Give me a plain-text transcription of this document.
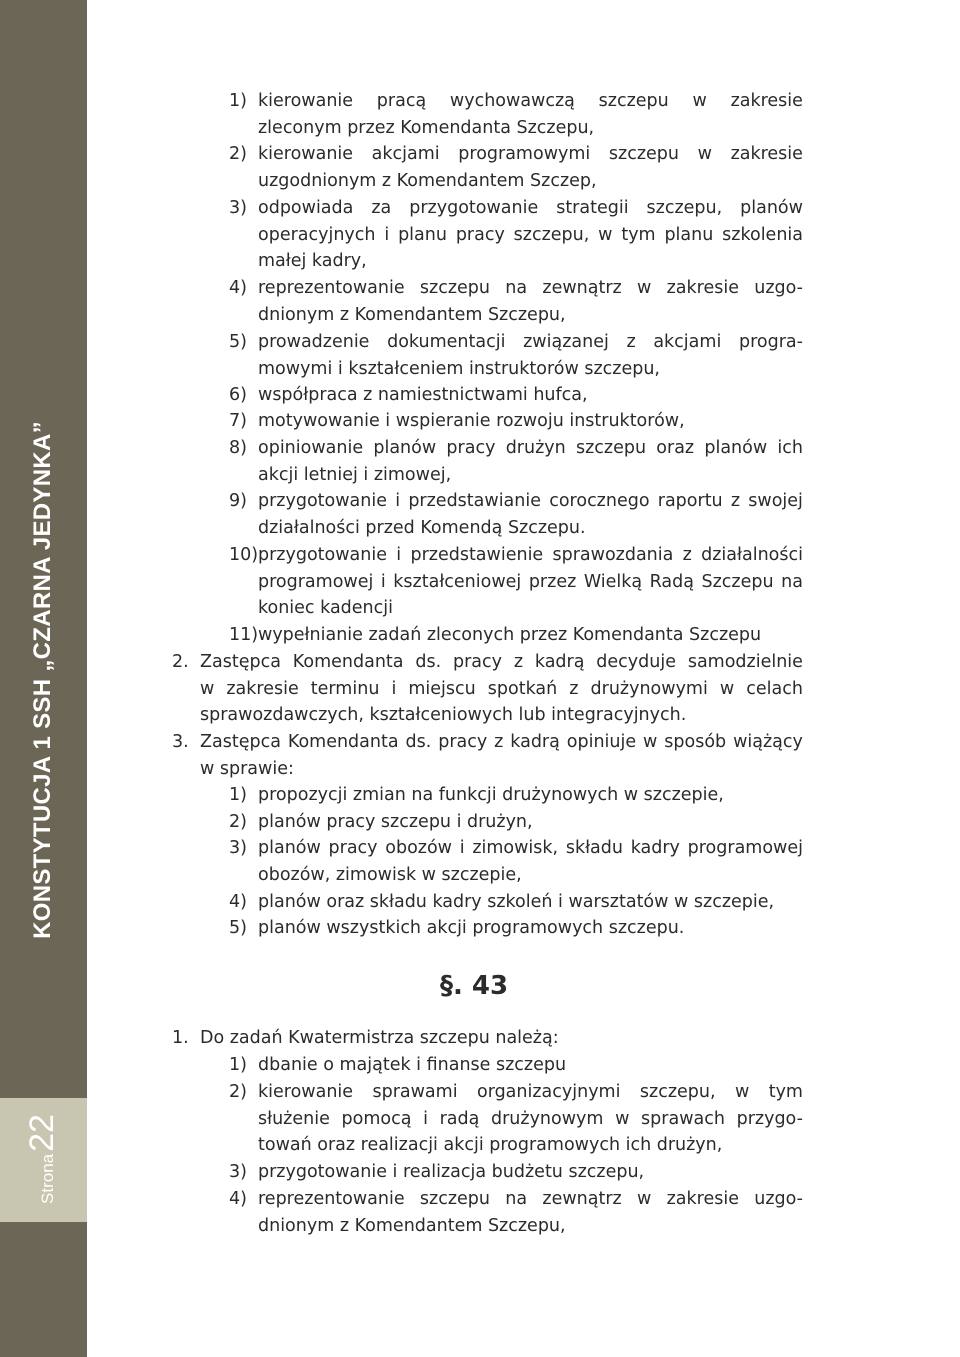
KONSTYTUCJA 1 SSH „CZARNA JEDYNKA”
Strona
22
§. 43
1) kierowanie pracą wychowawczą szczepu w zakresie
zleconym przez Komendanta Szczepu,
2) kierowanie akcjami programowymi szczepu w zakresie
uzgodnionym z Komendantem Szczep,
3) odpowiada za przygotowanie strategii szczepu, planów
operacyjnych i planu pracy szczepu, w tym planu szkolenia
małej kadry,
4) reprezentowanie szczepu na zewnątrz w zakresie uzgo-
dnionym z Komendantem Szczepu,
5) prowadzenie dokumentacji związanej z akcjami progra-
mowymi i kształceniem instruktorów szczepu,
6) współpraca z namiestnictwami hufca,
7) motywowanie i wspieranie rozwoju instruktorów,
8) opiniowanie planów pracy drużyn szczepu oraz planów ich
akcji letniej i zimowej,
9) przygotowanie i przedstawianie corocznego raportu z swojej
działalności przed Komendą Szczepu.
10) przygotowanie i przedstawienie sprawozdania z działalności
programowej i kształceniowej przez Wielką Radą Szczepu na
koniec kadencji
11) wypełnianie zadań zleconych przez Komendanta Szczepu
2. Zastępca Komendanta ds. pracy z kadrą decyduje samodzielnie
w zakresie terminu i miejscu spotkań z drużynowymi w celach
sprawozdawczych, kształceniowych lub integracyjnych.
3. Zastępca Komendanta ds. pracy z kadrą opiniuje w sposób wiążący
w sprawie:
1) propozycji zmian na funkcji drużynowych w szczepie,
2) planów pracy szczepu i drużyn,
3) planów pracy obozów i zimowisk, składu kadry programowej
obozów, zimowisk w szczepie,
4) planów oraz składu kadry szkoleń i warsztatów w szczepie,
5) planów wszystkich akcji programowych szczepu.
1. Do zadań Kwatermistrza szczepu należą:
1) dbanie o majątek i finanse szczepu
2) kierowanie sprawami organizacyjnymi szczepu, w tym
służenie pomocą i radą drużynowym w sprawach przygo-
towań oraz realizacji akcji programowych ich drużyn,
3) przygotowanie i realizacja budżetu szczepu,
4) reprezentowanie szczepu na zewnątrz w zakresie uzgo-
dnionym z Komendantem Szczepu,
